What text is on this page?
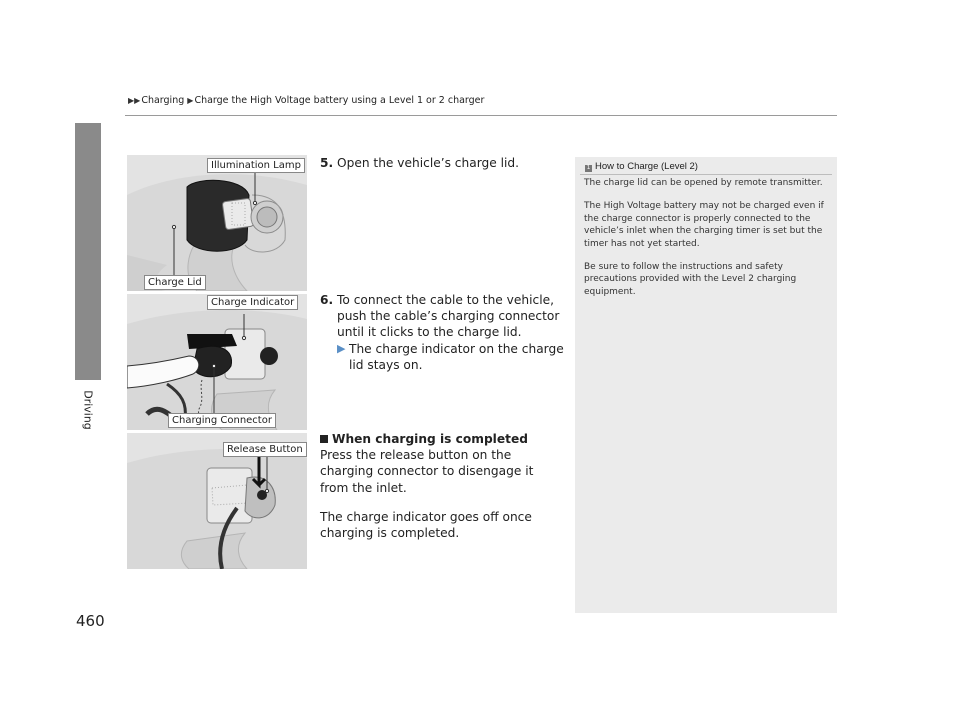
▶▶Charging ▶Charge the High Voltage battery using a Level 1 or 2 charger
Driving
Illumination Lamp
Charge Lid
Charge Indicator
Charging Connector
Release Button

5. Open the vehicle’s charge lid.

6. To connect the cable to the vehicle, push the cable’s charging connector until it clicks to the charge lid.

▶ The charge indicator on the charge lid stays on.

When charging is completed

Press the release button on the charging connector to disengage it from the inlet.

The charge indicator goes off once charging is completed.

1 How to Charge (Level 2)

The charge lid can be opened by remote transmitter.

The High Voltage battery may not be charged even if the charge connector is properly connected to the vehicle’s inlet when the charging timer is set but the timer has not yet started.

Be sure to follow the instructions and safety precautions provided with the Level 2 charging equipment.

460
